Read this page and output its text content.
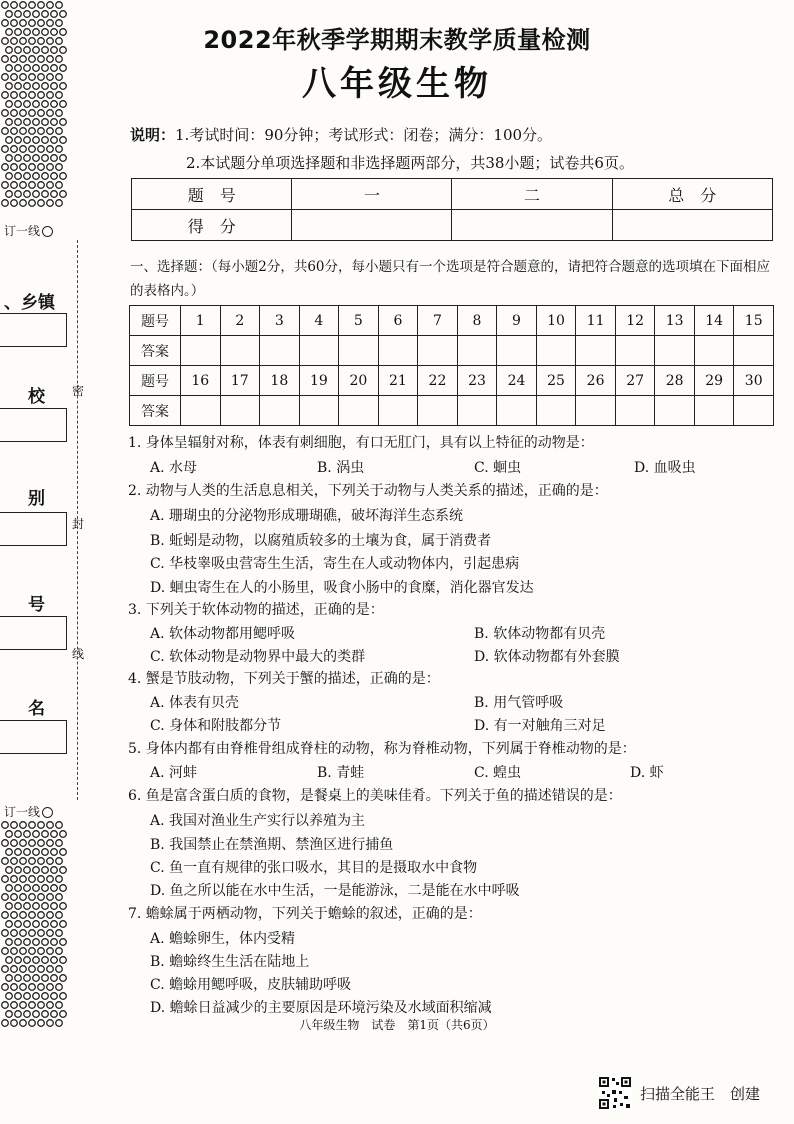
订一线
订一线
、乡镇
校
别
号
名
密
封
线
2022年秋季学期期末教学质量检测
八年级生物
说明：1.考试时间：90分钟；考试形式：闭卷；满分：100分。
2.本试题分单项选择题和非选择题两部分，共38小题；试卷共6页。
题　号	一	二	总　分
得　分			
一、选择题：（每小题2分，共60分，每小题只有一个选项是符合题意的，请把符合题意的选项填在下面相应的表格内。）
题号	1	2	3	4	5	6	7	8	9	10	11	12	13	14	15
答案															
题号	16	17	18	19	20	21	22	23	24	25	26	27	28	29	30
答案															
1. 身体呈辐射对称，体表有刺细胞，有口无肛门，具有以上特征的动物是：
A. 水母	B. 涡虫	C. 蛔虫	D. 血吸虫
2. 动物与人类的生活息息相关，下列关于动物与人类关系的描述，正确的是：
A. 珊瑚虫的分泌物形成珊瑚礁，破坏海洋生态系统
B. 蚯蚓是动物，以腐殖质较多的土壤为食，属于消费者
C. 华枝睾吸虫营寄生生活，寄生在人或动物体内，引起患病
D. 蛔虫寄生在人的小肠里，吸食小肠中的食糜，消化器官发达
3. 下列关于软体动物的描述，正确的是：
A. 软体动物都用鳃呼吸	B. 软体动物都有贝壳
C. 软体动物是动物界中最大的类群	D. 软体动物都有外套膜
4. 蟹是节肢动物，下列关于蟹的描述，正确的是：
A. 体表有贝壳	B. 用气管呼吸
C. 身体和附肢都分节	D. 有一对触角三对足
5. 身体内都有由脊椎骨组成脊柱的动物，称为脊椎动物，下列属于脊椎动物的是：
A. 河蚌	B. 青蛙	C. 蝗虫	D. 虾
6. 鱼是富含蛋白质的食物，是餐桌上的美味佳肴。下列关于鱼的描述错误的是：
A. 我国对渔业生产实行以养殖为主
B. 我国禁止在禁渔期、禁渔区进行捕鱼
C. 鱼一直有规律的张口吸水，其目的是摄取水中食物
D. 鱼之所以能在水中生活，一是能游泳，二是能在水中呼吸
7. 蟾蜍属于两栖动物，下列关于蟾蜍的叙述，正确的是：
A. 蟾蜍卵生，体内受精
B. 蟾蜍终生生活在陆地上
C. 蟾蜍用鳃呼吸，皮肤辅助呼吸
D. 蟾蜍日益减少的主要原因是环境污染及水域面积缩减
八年级生物　试卷　第1页（共6页）
扫描全能王　创建
